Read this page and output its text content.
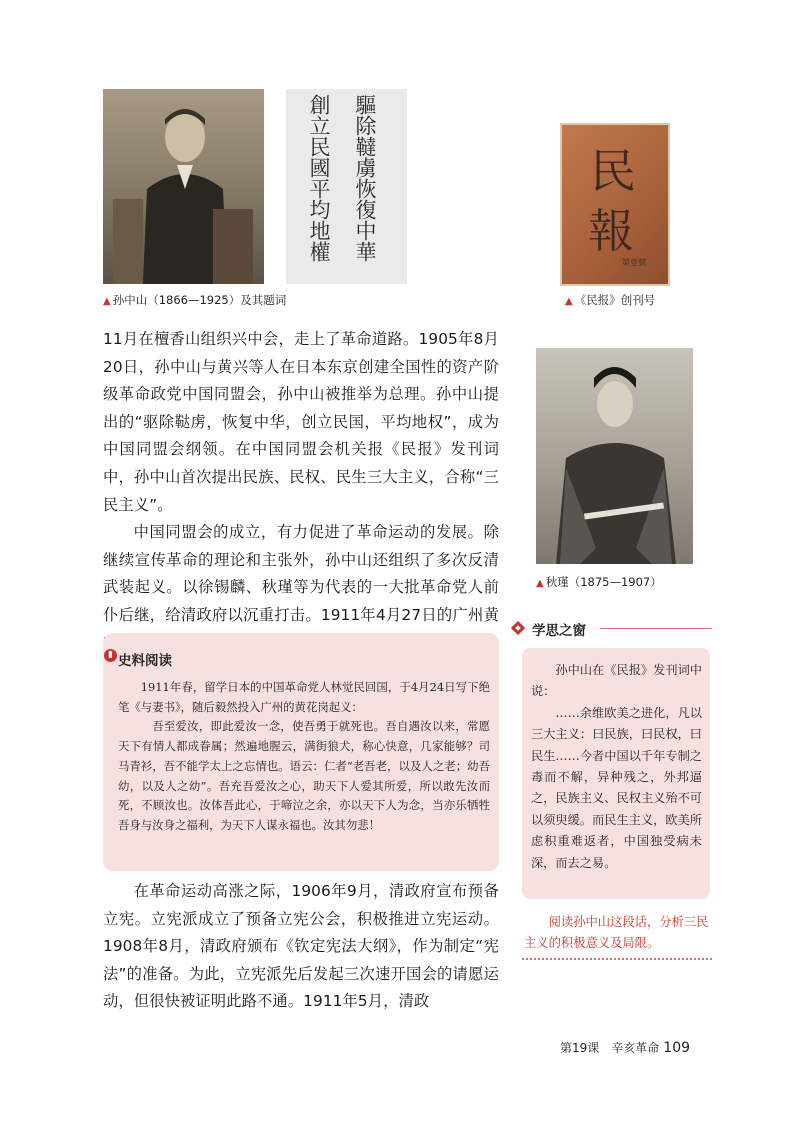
驅除韃虜恢復中華
創立民國平均地權
▲ 孙中山（1866—1925）及其题词
民
報
第壹號
▲ 《民报》创刊号
▲ 秋瑾（1875—1907）

11月在檀香山组织兴中会，走上了革命道路。1905年8月20日，孙中山与黄兴等人在日本东京创建全国性的资产阶级革命政党中国同盟会，孙中山被推举为总理。孙中山提出的“驱除鞑虏，恢复中华，创立民国，平均地权”，成为中国同盟会纲领。在中国同盟会机关报《民报》发刊词中，孙中山首次提出民族、民权、民生三大主义，合称“三民主义”。

中国同盟会的成立，有力促进了革命运动的发展。除继续宣传革命的理论和主张外，孙中山还组织了多次反清武装起义。以徐锡麟、秋瑾等为代表的一大批革命党人前仆后继，给清政府以沉重打击。1911年4月27日的广州黄

▮ 史料阅读

1911年春，留学日本的中国革命党人林觉民回国，于4月24日写下绝笔《与妻书》，随后毅然投入广州的黄花岗起义：

吾至爱汝，即此爱汝一念，使吾勇于就死也。吾自遇汝以来，常愿天下有情人都成眷属；然遍地腥云，满街狼犬，称心快意，几家能够？司马青衫，吾不能学太上之忘情也。语云：仁者“老吾老，以及人之老；幼吾幼，以及人之幼”。吾充吾爱汝之心，助天下人爱其所爱，所以敢先汝而死，不顾汝也。汝体吾此心，于啼泣之余，亦以天下人为念，当亦乐牺牲吾身与汝身之福利，为天下人谋永福也。汝其勿悲！

在革命运动高涨之际，1906年9月，清政府宣布预备立宪。立宪派成立了预备立宪公会，积极推进立宪运动。1908年8月，清政府颁布《钦定宪法大纲》，作为制定“宪法”的准备。为此，立宪派先后发起三次速开国会的请愿运动，但很快被证明此路不通。1911年5月，清政

学思之窗

孙中山在《民报》发刊词中说：

……余维欧美之进化，凡以三大主义：曰民族，曰民权，曰民生……今者中国以千年专制之毒而不解，异种残之，外邦逼之，民族主义、民权主义殆不可以须臾缓。而民生主义，欧美所虑积重难返者，中国独受病未深，而去之易。

阅读孙中山这段话，分析三民主义的积极意义及局限。
第19课　辛亥革命 109
